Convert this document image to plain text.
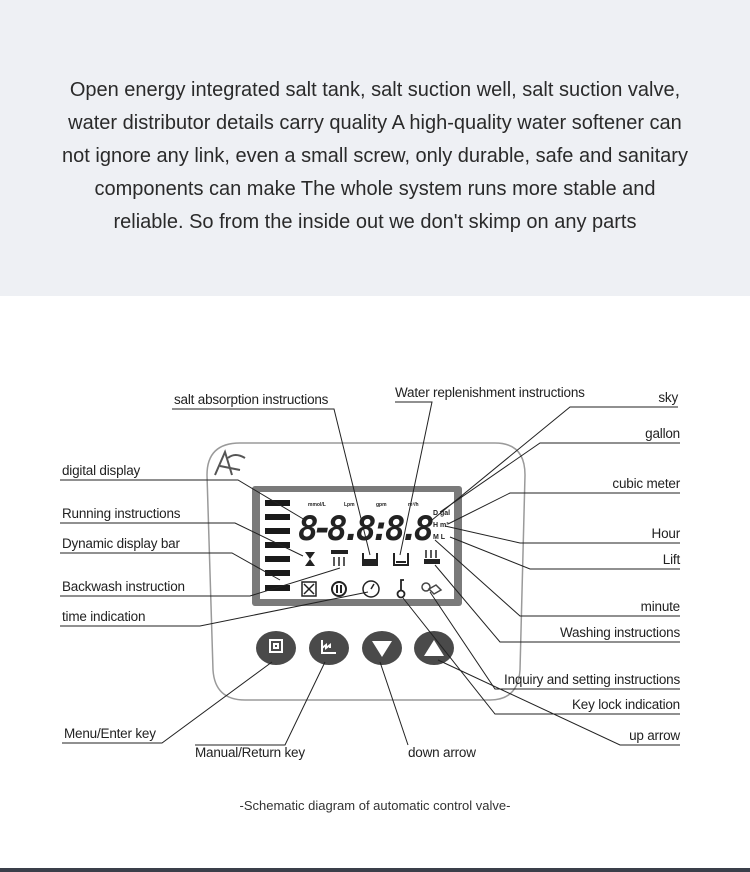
Open energy integrated salt tank, salt suction well, salt suction valve,

water distributor details carry quality A high-quality water softener can

not ignore any link, even a small screw, only durable, safe and sanitary

components can make The whole system runs more stable and

reliable. So from the inside out we don't skimp on any parts

mmol/L	Lpm	gpm	m³/h
8-8.8:8.8 D gal
H m³
M L
salt absorption instructions	Water replenishment instructions	sky
gallon
cubic meter
Hour
Lift
minute
Washing instructions
Inquiry and setting instructions
Key lock indication
up arrow
digital display
Running instructions
Dynamic display bar
Backwash instruction
time indication
Menu/Enter key
Manual/Return key	down arrow
-Schematic diagram of automatic control valve-
